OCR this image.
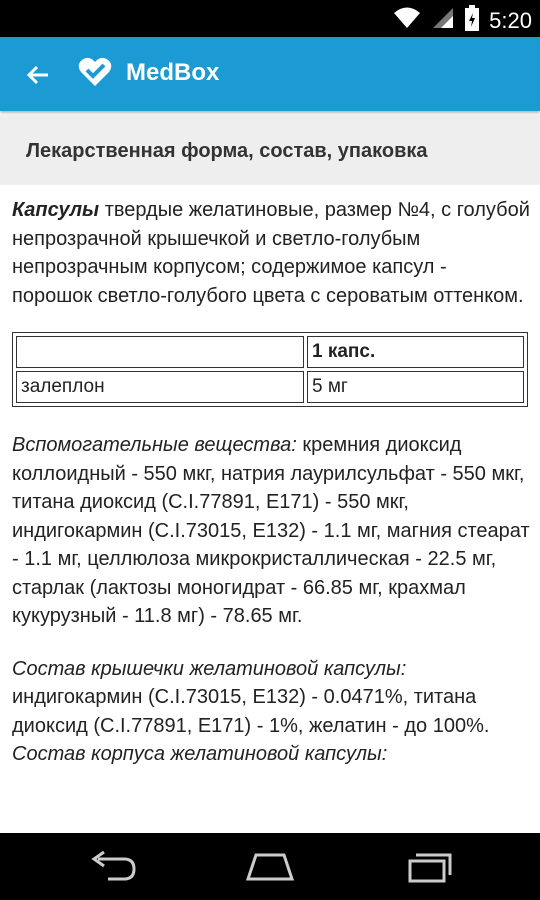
5:20
MedBox
Лекарственная форма, состав, упаковка

Капсулы твердые желатиновые, размер №4, с голубой непрозрачной крышечкой и светло-голубым непрозрачным корпусом; содержимое капсул - порошок светло-голубого цвета с сероватым оттенком.

	1 капс.
залеплон	5 мг

Вспомогательные вещества: кремния диоксид коллоидный - 550 мкг, натрия лаурилсульфат - 550 мкг, титана диоксид (C.I.77891, E171) - 550 мкг, индигокармин (C.I.73015, E132) - 1.1 мг, магния стеарат - 1.1 мг, целлюлоза микрокристаллическая - 22.5 мг, старлак (лактозы моногидрат - 66.85 мг, крахмал кукурузный - 11.8 мг) - 78.65 мг.

Состав крышечки желатиновой капсулы:
индигокармин (C.I.73015, E132) - 0.0471%, титана диоксид (C.I.77891, E171) - 1%, желатин - до 100%.
Состав корпуса желатиновой капсулы:
